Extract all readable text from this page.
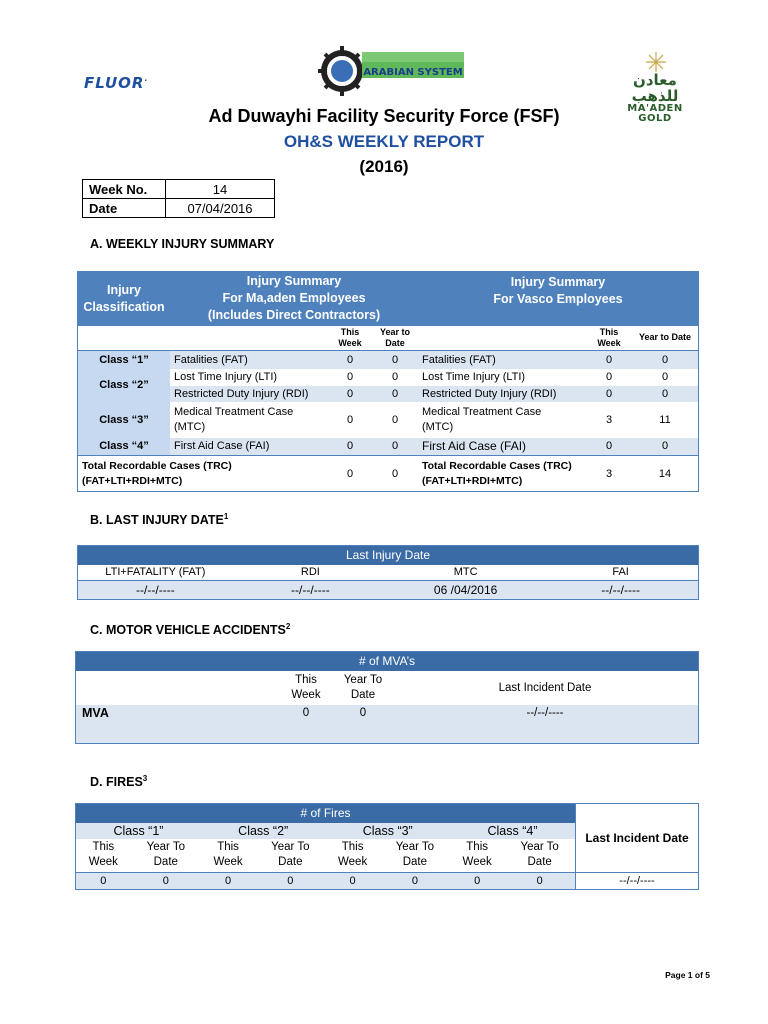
FLUOR.
ARABIAN SYSTEM	معادن للذهب
MA'ADEN GOLD
Ad Duwayhi Facility Security Force (FSF)
OH&S WEEKLY REPORT
(2016)
Week No.	14
Date	07/04/2016
A. WEEKLY INJURY SUMMARY
Injury
Classification	Injury Summary
For Ma,aden Employees
(Includes Direct Contractors)			Injury Summary
For Vasco Employees		
		This
Week	Year to
Date		This
Week	Year to Date
Class “1”	Fatalities (FAT)	0	0	Fatalities (FAT)	0	0
Class “2”	Lost Time Injury (LTI)	0	0	Lost Time Injury (LTI)	0	0
	Restricted Duty Injury (RDI)	0	0	Restricted Duty Injury (RDI)	0	0
Class “3”	Medical Treatment Case
(MTC)	0	0	Medical Treatment Case
(MTC)	3	11
Class “4”	First Aid Case (FAI)	0	0	First Aid Case (FAI)	0	0
Total Recordable Cases (TRC)
(FAT+LTI+RDI+MTC)		0	0	Total Recordable Cases (TRC)
(FAT+LTI+RDI+MTC)	3	14
B. LAST INJURY DATE$^1$
Last Injury Date			
LTI+FATALITY (FAT)	RDI	MTC	FAI
--/--/----	--/--/----	06 /04/2016	--/--/----
C. MOTOR VEHICLE ACCIDENTS$^2$
# of MVA’s			
	This
Week	Year To
Date	Last Incident Date
MVA	0	0	--/--/----

D. FIRES$^3$
# of Fires								Last Incident Date
Class “1”		Class “2”		Class “3”		Class “4”		
This
Week	Year To
Date	This
Week	Year To
Date	This
Week	Year To
Date	This
Week	Year To
Date	
0	0	0	0	0	0	0	0	--/--/----
Page 1 of 5
